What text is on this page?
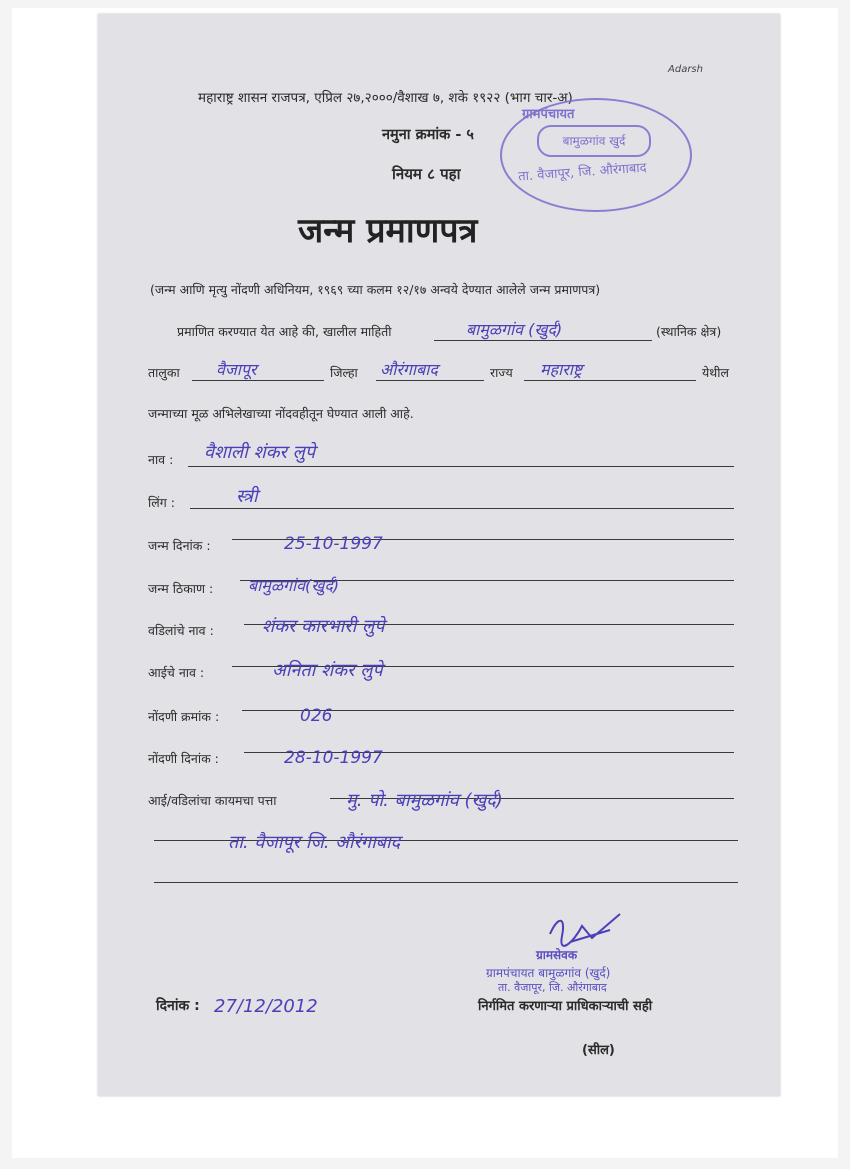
Adarsh
महाराष्ट्र शासन राजपत्र, एप्रिल २७,२०००/वैशाख ७, शके १९२२ (भाग चार-अ)
नमुना क्रमांक - ५
नियम ८ पहा
जन्म प्रमाणपत्र
(जन्म आणि मृत्यु नोंदणी अधिनियम, १९६९ च्या कलम १२/१७ अन्वये देण्यात आलेले जन्म प्रमाणपत्र)
ग्रामपंचायत
बामुळगांव खुर्द
ता. वैजापूर, जि. औरंगाबाद
प्रमाणित करण्यात येत आहे की, खालील माहिती	बामुळगांव (खुर्द)	(स्थानिक क्षेत्र)
तालुका वैजापूर	जिल्हा औरंगाबाद	राज्य महाराष्ट्र	येथील
जन्माच्या मूळ अभिलेखाच्या नोंदवहीतून घेण्यात आली आहे.
नाव : वैशाली शंकर लुपे
लिंग :	स्त्री
जन्म दिनांक :	25-10-1997
जन्म ठिकाण : बामुळगांव(खुर्द)
वडिलांचे नाव :	शंकर कारभारी लुपे
आईचे नाव :	अनिता शंकर लुपे
नोंदणी क्रमांक :	026
नोंदणी दिनांक :	28-10-1997
आई/वडिलांचा कायमचा पत्ता	मु. पो. बामुळगांव (खुर्द)
ता. वैजापूर जि. औरंगाबाद
ग्रामसेवक
ग्रामपंचायत बामुळगांव (खुर्द)
ता. वैजापूर, जि. औरंगाबाद
निर्गमित करणाऱ्या प्राधिकाऱ्याची सही
(सील)
दिनांक : 27/12/2012
